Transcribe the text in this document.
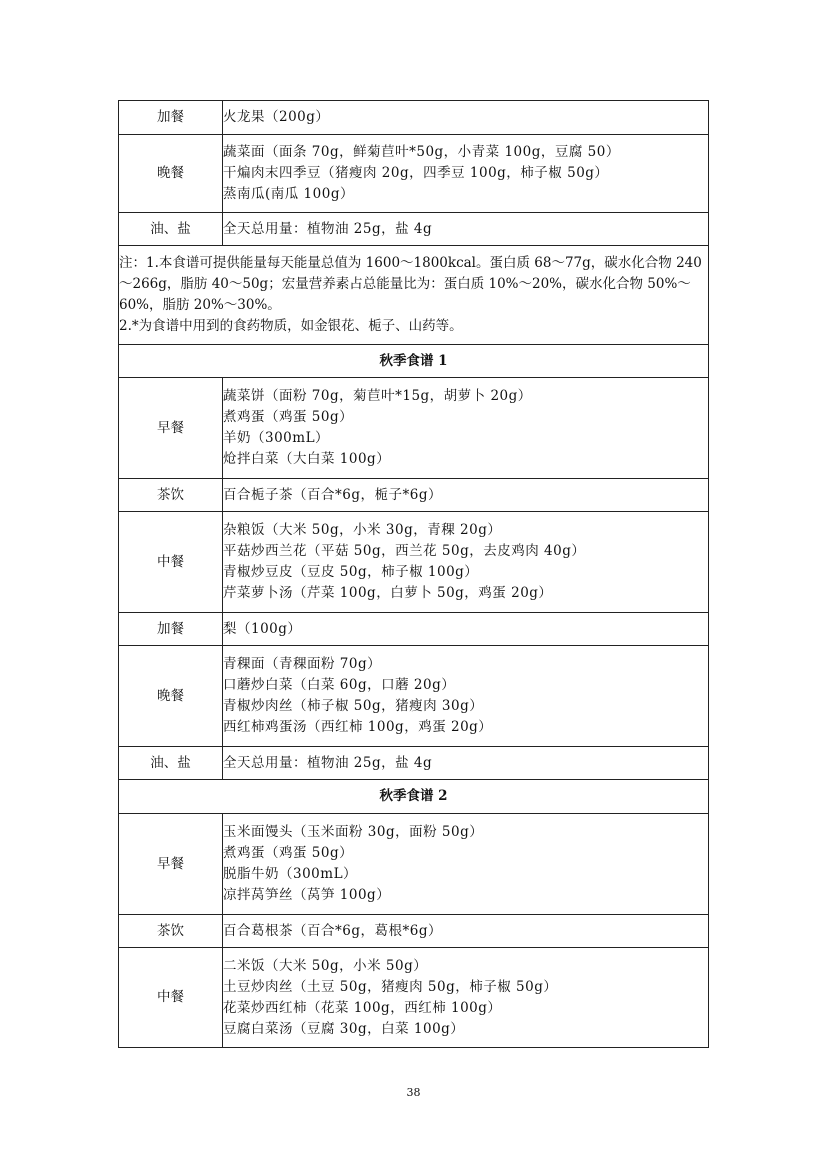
加餐	火龙果（200g）

晚餐	蔬菜面（面条 70g，鲜菊苣叶*50g，小青菜 100g，豆腐 50）
干煸肉末四季豆（猪瘦肉 20g，四季豆 100g，柿子椒 50g）
蒸南瓜(南瓜 100g）

油、盐	全天总用量：植物油 25g，盐 4g

注：1.本食谱可提供能量每天能量总值为 1600～1800kcal。蛋白质 68～77g，碳水化合物 240～266g，脂肪 40～50g；宏量营养素占总能量比为：蛋白质 10%～20%，碳水化合物 50%～60%，脂肪 20%～30%。
2.*为食谱中用到的食药物质，如金银花、栀子、山药等。	

秋季食谱 1	
早餐	蔬菜饼（面粉 70g，菊苣叶*15g，胡萝卜 20g）
煮鸡蛋（鸡蛋 50g）
羊奶（300mL）
炝拌白菜（大白菜 100g）

茶饮	百合栀子茶（百合*6g，栀子*6g）

中餐	杂粮饭（大米 50g，小米 30g，青稞 20g）
平菇炒西兰花（平菇 50g，西兰花 50g，去皮鸡肉 40g）
青椒炒豆皮（豆皮 50g，柿子椒 100g）
芹菜萝卜汤（芹菜 100g，白萝卜 50g，鸡蛋 20g）

加餐	梨（100g）

晚餐	青稞面（青稞面粉 70g）
口蘑炒白菜（白菜 60g，口蘑 20g）
青椒炒肉丝（柿子椒 50g，猪瘦肉 30g）
西红柿鸡蛋汤（西红柿 100g，鸡蛋 20g）

油、盐	全天总用量：植物油 25g，盐 4g

秋季食谱 2	
早餐	玉米面馒头（玉米面粉 30g，面粉 50g）
煮鸡蛋（鸡蛋 50g）
脱脂牛奶（300mL）
凉拌莴笋丝（莴笋 100g）

茶饮	百合葛根茶（百合*6g，葛根*6g）

中餐	二米饭（大米 50g，小米 50g）
土豆炒肉丝（土豆 50g，猪瘦肉 50g，柿子椒 50g）
花菜炒西红柿（花菜 100g，西红柿 100g）
豆腐白菜汤（豆腐 30g，白菜 100g）
38
